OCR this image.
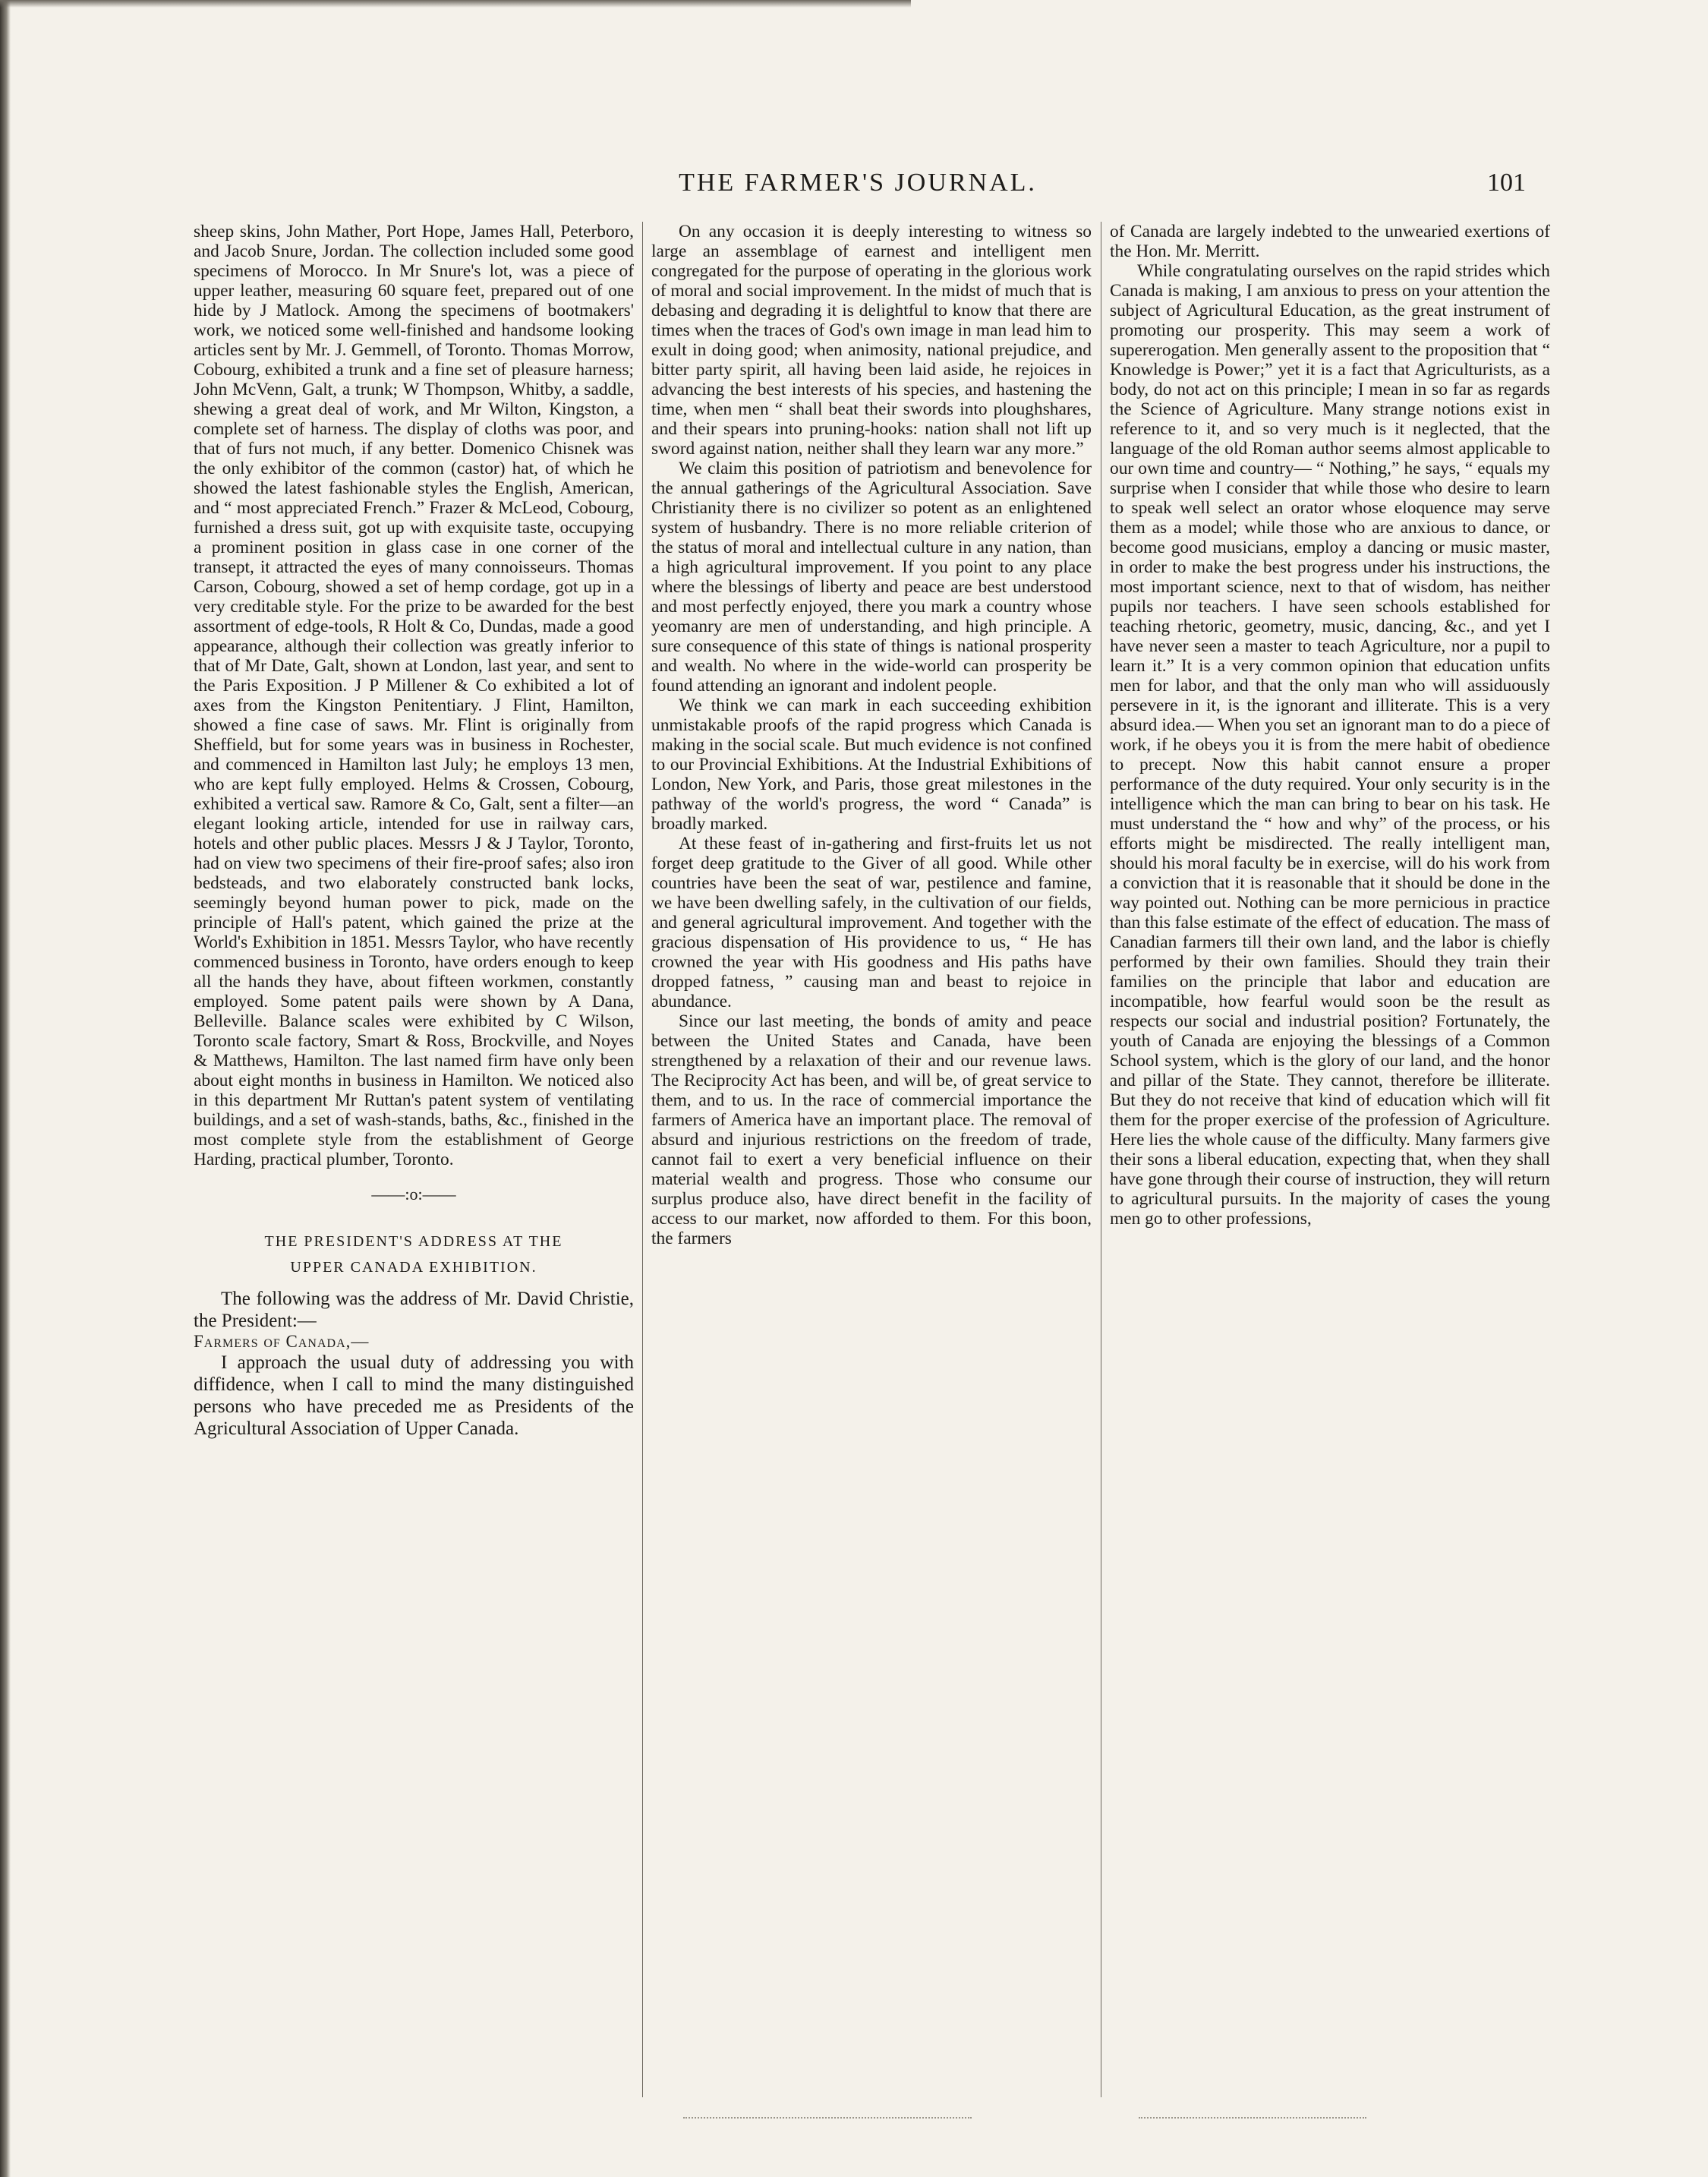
THE FARMER'S JOURNAL.	101

sheep skins, John Mather, Port Hope, James Hall, Peterboro, and Jacob Snure, Jordan. The collection included some good specimens of Morocco. In Mr Snure's lot, was a piece of upper leather, measuring 60 square feet, prepared out of one hide by J Matlock. Among the specimens of bootmakers' work, we noticed some well-finished and handsome looking articles sent by Mr. J. Gemmell, of Toronto. Thomas Morrow, Cobourg, exhibited a trunk and a fine set of pleasure harness; John McVenn, Galt, a trunk; W Thompson, Whitby, a saddle, shewing a great deal of work, and Mr Wilton, Kingston, a complete set of harness. The display of cloths was poor, and that of furs not much, if any better. Domenico Chisnek was the only exhibitor of the common (castor) hat, of which he showed the latest fashionable styles the English, American, and “ most appreciated French.” Frazer & McLeod, Cobourg, furnished a dress suit, got up with exquisite taste, occupying a prominent position in glass case in one corner of the transept, it attracted the eyes of many connoisseurs. Thomas Carson, Cobourg, showed a set of hemp cordage, got up in a very creditable style. For the prize to be awarded for the best assortment of edge-tools, R Holt & Co, Dundas, made a good appearance, although their collection was greatly inferior to that of Mr Date, Galt, shown at London, last year, and sent to the Paris Exposition. J P Millener & Co exhibited a lot of axes from the Kingston Penitentiary. J Flint, Hamilton, showed a fine case of saws. Mr. Flint is originally from Sheffield, but for some years was in business in Rochester, and commenced in Hamilton last July; he employs 13 men, who are kept fully employed. Helms & Crossen, Cobourg, exhibited a vertical saw. Ramore & Co, Galt, sent a filter—an elegant looking article, intended for use in railway cars, hotels and other public places. Messrs J & J Taylor, Toronto, had on view two specimens of their fire-proof safes; also iron bedsteads, and two elaborately constructed bank locks, seemingly beyond human power to pick, made on the principle of Hall's patent, which gained the prize at the World's Exhibition in 1851. Messrs Taylor, who have recently commenced business in Toronto, have orders enough to keep all the hands they have, about fifteen workmen, constantly employed. Some patent pails were shown by A Dana, Belleville. Balance scales were exhibited by C Wilson, Toronto scale factory, Smart & Ross, Brockville, and Noyes & Matthews, Hamilton. The last named firm have only been about eight months in business in Hamilton. We noticed also in this department Mr Ruttan's patent system of ventilating buildings, and a set of wash-stands, baths, &c., finished in the most complete style from the establishment of George Harding, practical plumber, Toronto.

——:o:——
THE PRESIDENT'S ADDRESS AT THE
UPPER CANADA EXHIBITION.

The following was the address of Mr. David Christie, the President:—

Farmers of Canada,—

I approach the usual duty of addressing you with diffidence, when I call to mind the many distinguished persons who have preceded me as Presidents of the Agricultural Association of Upper Canada.

On any occasion it is deeply interesting to witness so large an assemblage of earnest and intelligent men congregated for the purpose of operating in the glorious work of moral and social improvement. In the midst of much that is debasing and degrading it is delightful to know that there are times when the traces of God's own image in man lead him to exult in doing good; when animosity, national prejudice, and bitter party spirit, all having been laid aside, he rejoices in advancing the best interests of his species, and hastening the time, when men “ shall beat their swords into ploughshares, and their spears into pruning-hooks: nation shall not lift up sword against nation, neither shall they learn war any more.”

We claim this position of patriotism and benevolence for the annual gatherings of the Agricultural Association. Save Christianity there is no civilizer so potent as an enlightened system of husbandry. There is no more reliable criterion of the status of moral and intellectual culture in any nation, than a high agricultural improvement. If you point to any place where the blessings of liberty and peace are best understood and most perfectly enjoyed, there you mark a country whose yeomanry are men of understanding, and high principle. A sure consequence of this state of things is national prosperity and wealth. No where in the wide-world can prosperity be found attending an ignorant and indolent people.

We think we can mark in each succeeding exhibition unmistakable proofs of the rapid progress which Canada is making in the social scale. But much evidence is not confined to our Provincial Exhibitions. At the Industrial Exhibitions of London, New York, and Paris, those great milestones in the pathway of the world's progress, the word “ Canada” is broadly marked.

At these feast of in-gathering and first-fruits let us not forget deep gratitude to the Giver of all good. While other countries have been the seat of war, pestilence and famine, we have been dwelling safely, in the cultivation of our fields, and general agricultural improvement. And together with the gracious dispensation of His providence to us, “ He has crowned the year with His goodness and His paths have dropped fatness, ” causing man and beast to rejoice in abundance.

Since our last meeting, the bonds of amity and peace between the United States and Canada, have been strengthened by a relaxation of their and our revenue laws. The Reciprocity Act has been, and will be, of great service to them, and to us. In the race of commercial importance the farmers of America have an important place. The removal of absurd and injurious restrictions on the freedom of trade, cannot fail to exert a very beneficial influence on their material wealth and progress. Those who consume our surplus produce also, have direct benefit in the facility of access to our market, now afforded to them. For this boon, the farmers

of Canada are largely indebted to the unwearied exertions of the Hon. Mr. Merritt.

While congratulating ourselves on the rapid strides which Canada is making, I am anxious to press on your attention the subject of Agricultural Education, as the great instrument of promoting our prosperity. This may seem a work of supererogation. Men generally assent to the proposition that “ Knowledge is Power;” yet it is a fact that Agriculturists, as a body, do not act on this principle; I mean in so far as regards the Science of Agriculture. Many strange notions exist in reference to it, and so very much is it neglected, that the language of the old Roman author seems almost applicable to our own time and country— “ Nothing,” he says, “ equals my surprise when I consider that while those who desire to learn to speak well select an orator whose eloquence may serve them as a model; while those who are anxious to dance, or become good musicians, employ a dancing or music master, in order to make the best progress under his instructions, the most important science, next to that of wisdom, has neither pupils nor teachers. I have seen schools established for teaching rhetoric, geometry, music, dancing, &c., and yet I have never seen a master to teach Agriculture, nor a pupil to learn it.” It is a very common opinion that education unfits men for labor, and that the only man who will assiduously persevere in it, is the ignorant and illiterate. This is a very absurd idea.— When you set an ignorant man to do a piece of work, if he obeys you it is from the mere habit of obedience to precept. Now this habit cannot ensure a proper performance of the duty required. Your only security is in the intelligence which the man can bring to bear on his task. He must understand the “ how and why” of the process, or his efforts might be misdirected. The really intelligent man, should his moral faculty be in exercise, will do his work from a conviction that it is reasonable that it should be done in the way pointed out. Nothing can be more pernicious in practice than this false estimate of the effect of education. The mass of Canadian farmers till their own land, and the labor is chiefly performed by their own families. Should they train their families on the principle that labor and education are incompatible, how fearful would soon be the result as respects our social and industrial position? Fortunately, the youth of Canada are enjoying the blessings of a Common School system, which is the glory of our land, and the honor and pillar of the State. They cannot, therefore be illiterate. But they do not receive that kind of education which will fit them for the proper exercise of the profession of Agriculture. Here lies the whole cause of the difficulty. Many farmers give their sons a liberal education, expecting that, when they shall have gone through their course of instruction, they will return to agricultural pursuits. In the majority of cases the young men go to other professions,
